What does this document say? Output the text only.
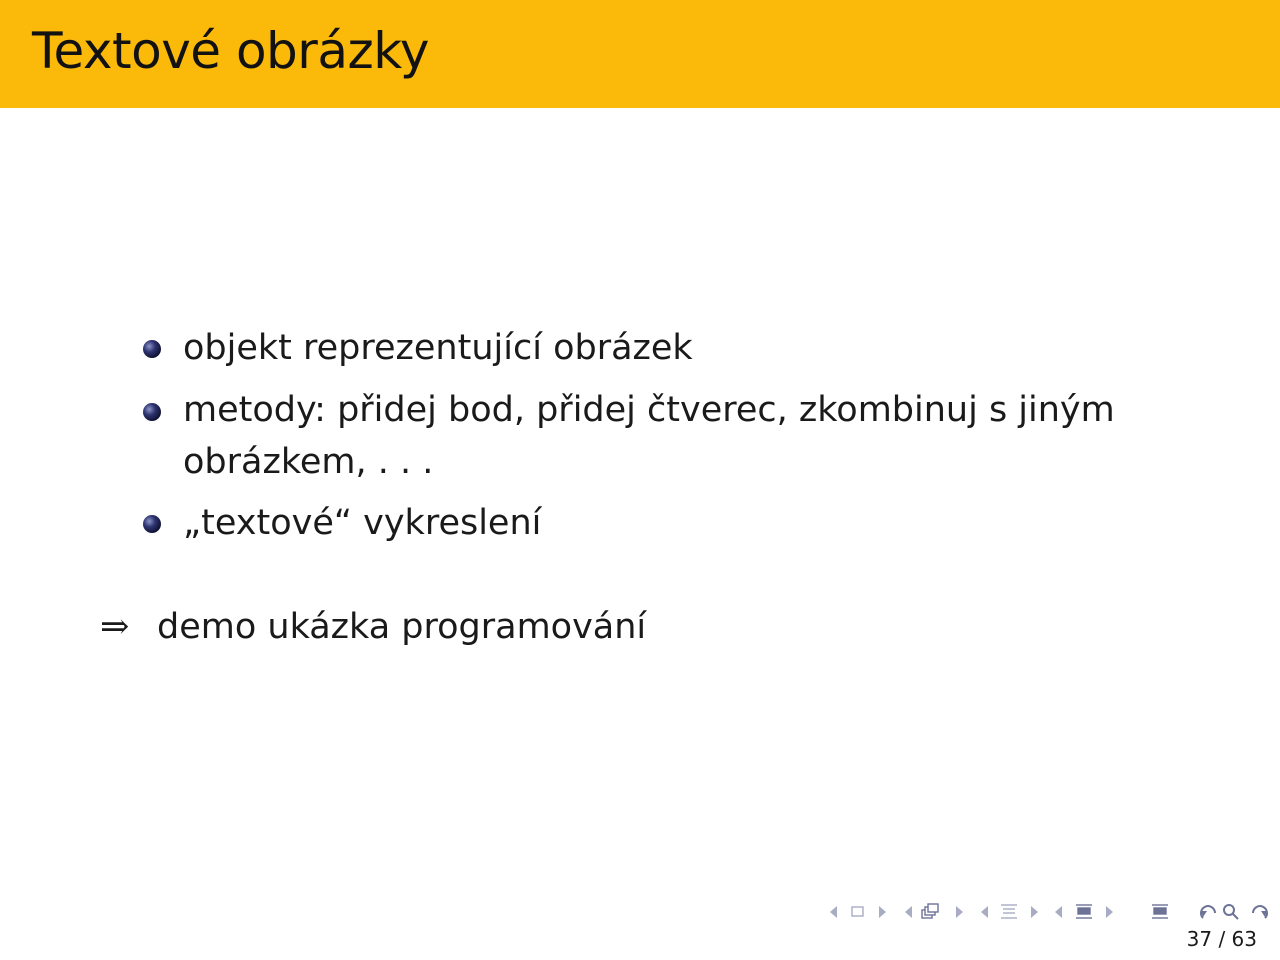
Textové obrázky
objekt reprezentující obrázek
metody: přidej bod, přidej čtverec, zkombinuj s jiným
obrázkem, . . .
„textové“ vykreslení
⇒ demo ukázka programování
37 / 63
